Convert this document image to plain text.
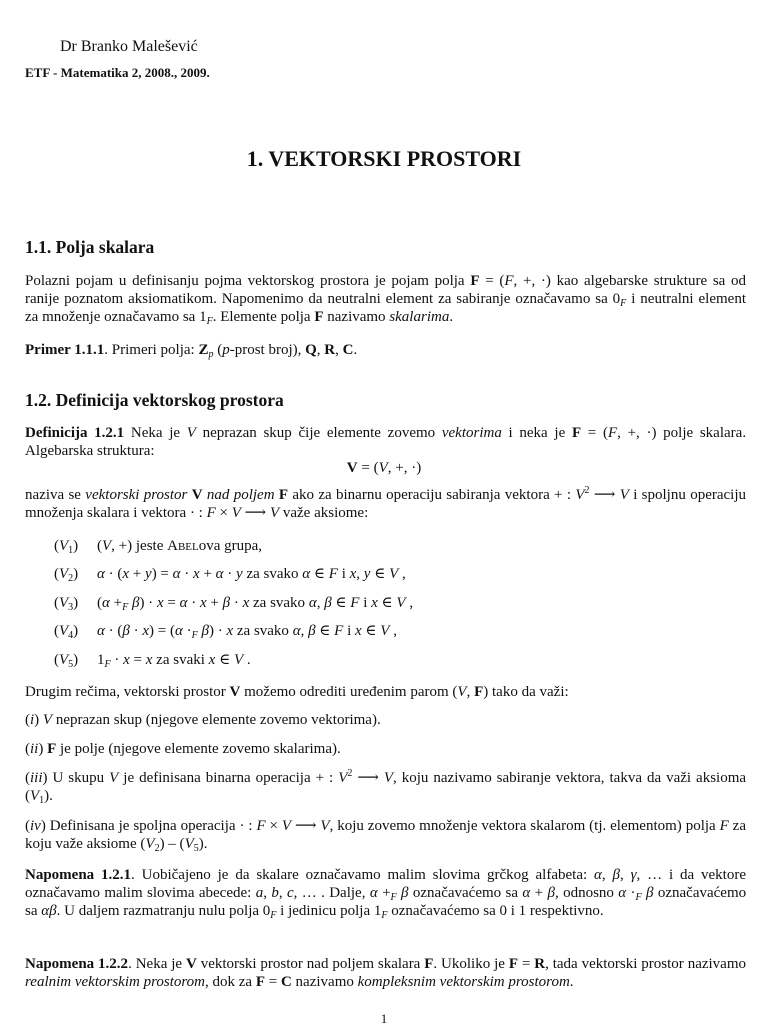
Dr Branko Malešević
ETF - Matematika 2, 2008., 2009.
1. VEKTORSKI PROSTORI
1.1. Polja skalara
Polazni pojam u definisanju pojma vektorskog prostora je pojam polja F = (F, +, ·) kao algebarske strukture sa od ranije poznatom aksiomatikom. Napomenimo da neutralni element za sabiranje označavamo sa $0_F$ i neutralni element za množenje označavamo sa $1_F$. Elemente polja F nazivamo skalarima.
Primer 1.1.1. Primeri polja: $Z_p$ (p-prost broj), Q, R, C.
1.2. Definicija vektorskog prostora
Definicija 1.2.1 Neka je V neprazan skup čije elemente zovemo vektorima i neka je F = (F, +, ·) polje skalara. Algebarska struktura:
V = (V, +, ·)
naziva se vektorski prostor V nad poljem F ako za binarnu operaciju sabiranja vektora + : $V^2$ ⟶ V i spoljnu operaciju množenja skalara i vektora · : F × V ⟶ V važe aksiome:
$(V_1)$ (V, +) jeste Abelova grupa,
$(V_2) \alpha \cdot (x + y) = \alpha \cdot x + \alpha \cdot y$ za svako α ∈ F i x, y ∈ V ,
$(V_3)$ ($\alpha +_F$ β) · x = α · x + β · x za svako α, β ∈ F i x ∈ V ,
$(V_4) \alpha \cdot (\beta \cdot x) = (\alpha \cdot_F$ β) · x za svako α, β ∈ F i x ∈ V ,
$(V_5) 1_F \cdot x = x$ za svaki x ∈ V .
Drugim rečima, vektorski prostor V možemo odrediti uređenim parom (V, F) tako da važi:
(i) V neprazan skup (njegove elemente zovemo vektorima).
(ii) F je polje (njegove elemente zovemo skalarima).
(iii) U skupu V je definisana binarna operacija + : $V^2$ ⟶ V, koju nazivamo sabiranje vektora, takva da važi aksioma $(V_1)$.
(iv) Definisana je spoljna operacija · : F × V ⟶ V, koju zovemo množenje vektora skalarom (tj. elementom) polja F za koju važe aksiome $(V_2) - (V_5)$.
Napomena 1.2.1. Uobičajeno je da skalare označavamo malim slovima grčkog alfabeta: α, β, γ, … i da vektore označavamo malim slovima abecede: a, b, c, … . Dalje, $\alpha +_F$ β označavaćemo sa α + β, odnosno $\alpha \cdot_F$ β označavaćemo sa αβ. U daljem razmatranju nulu polja $0_F$ i jedinicu polja $1_F$ označavaćemo sa 0 i 1 respektivno.
Napomena 1.2.2. Neka je V vektorski prostor nad poljem skalara F. Ukoliko je F = R, tada vektorski prostor nazivamo realnim vektorskim prostorom, dok za F = C nazivamo kompleksnim vektorskim prostorom.
1
